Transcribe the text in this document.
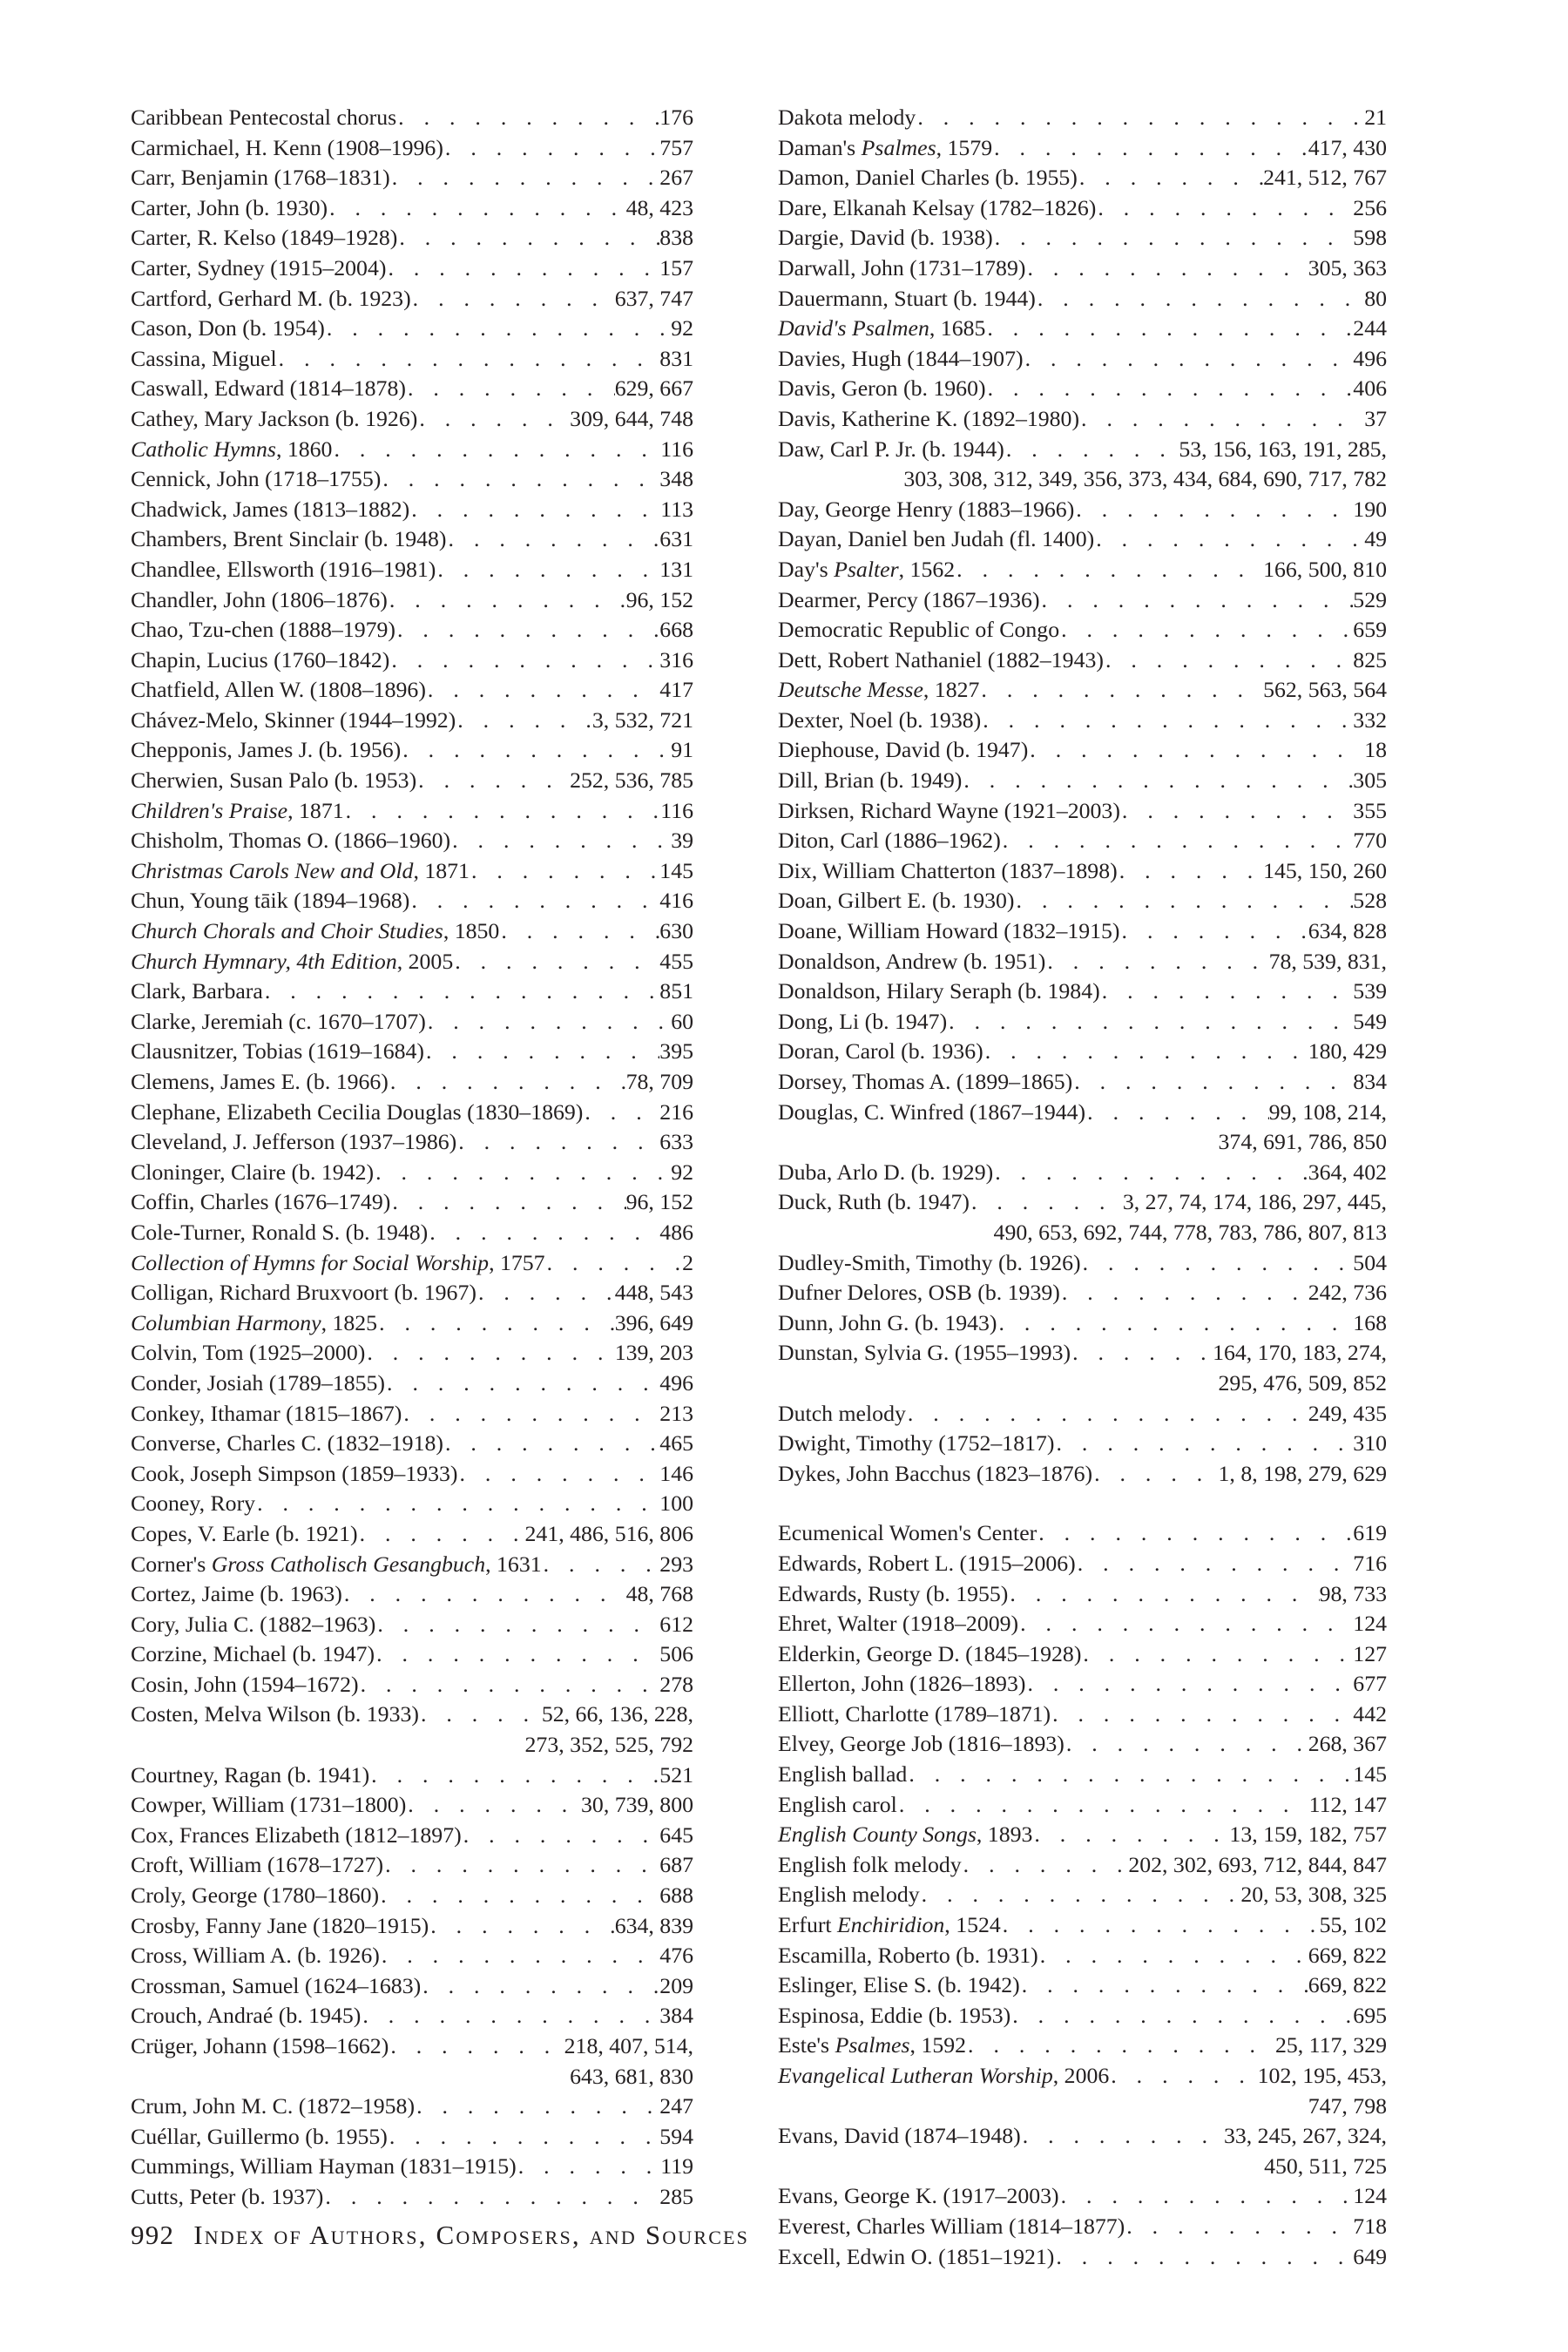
Caribbean Pentecostal chorus . . .	176
Carmichael, H. Kenn (1908–1996) . . .	757
Carr, Benjamin (1768–1831) . . .	267
Carter, John (b. 1930) . . .	48, 423
Carter, R. Kelso (1849–1928) . . .	838
Carter, Sydney (1915–2004) . . .	157
Cartford, Gerhard M. (b. 1923) . . .	637, 747
Cason, Don (b. 1954) . . .	92
Cassina, Miguel . . .	831
Caswall, Edward (1814–1878) . . .	629, 667
Cathey, Mary Jackson (b. 1926) . . .	309, 644, 748
Catholic Hymns, 1860 . . .	116
Cennick, John (1718–1755) . . .	348
Chadwick, James (1813–1882) . . .	113
Chambers, Brent Sinclair (b. 1948) . . .	631
Chandlee, Ellsworth (1916–1981) . . .	131
Chandler, John (1806–1876) . . .	96, 152
Chao, Tzu-chen (1888–1979) . . .	668
Chapin, Lucius (1760–1842) . . .	316
Chatfield, Allen W. (1808–1896) . . .	417
Chávez-Melo, Skinner (1944–1992) . . .	3, 532, 721
Chepponis, James J. (b. 1956) . . .	91
Cherwien, Susan Palo (b. 1953) . . .	252, 536, 785
Children's Praise, 1871 . . .	116
Chisholm, Thomas O. (1866–1960) . . .	39
Christmas Carols New and Old, 1871 . . .	145
Chun, Young tāik (1894–1968) . . .	416
Church Chorals and Choir Studies, 1850 . . .	630
Church Hymnary, 4th Edition, 2005 . . .	455
Clark, Barbara . . .	851
Clarke, Jeremiah (c. 1670–1707) . . .	60
Clausnitzer, Tobias (1619–1684) . . .	395
Clemens, James E. (b. 1966) . . .	78, 709
Clephane, Elizabeth Cecilia Douglas (1830–1869) . . .	216
Cleveland, J. Jefferson (1937–1986) . . .	633
Cloninger, Claire (b. 1942) . . .	92
Coffin, Charles (1676–1749) . . .	96, 152
Cole-Turner, Ronald S. (b. 1948) . . .	486
Collection of Hymns for Social Worship, 1757 . . .	2
Colligan, Richard Bruxvoort (b. 1967) . . .	448, 543
Columbian Harmony, 1825 . . .	396, 649
Colvin, Tom (1925–2000) . . .	139, 203
Conder, Josiah (1789–1855) . . .	496
Conkey, Ithamar (1815–1867) . . .	213
Converse, Charles C. (1832–1918) . . .	465
Cook, Joseph Simpson (1859–1933) . . .	146
Cooney, Rory . . .	100
Copes, V. Earle (b. 1921) . . .	241, 486, 516, 806
Corner's Gross Catholisch Gesangbuch, 1631 . . .	293
Cortez, Jaime (b. 1963) . . .	48, 768
Cory, Julia C. (1882–1963) . . .	612
Corzine, Michael (b. 1947) . . .	506
Cosin, John (1594–1672) . . .	278
Costen, Melva Wilson (b. 1933) . . .	52, 66, 136, 228,
273, 352, 525, 792
Courtney, Ragan (b. 1941) . . .	521
Cowper, William (1731–1800) . . .	30, 739, 800
Cox, Frances Elizabeth (1812–1897) . . .	645
Croft, William (1678–1727) . . .	687
Croly, George (1780–1860) . . .	688
Crosby, Fanny Jane (1820–1915) . . .	634, 839
Cross, William A. (b. 1926) . . .	476
Crossman, Samuel (1624–1683) . . .	209
Crouch, Andraé (b. 1945) . . .	384
Crüger, Johann (1598–1662) . . .	218, 407, 514,
643, 681, 830
Crum, John M. C. (1872–1958) . . .	247
Cuéllar, Guillermo (b. 1955) . . .	594
Cummings, William Hayman (1831–1915) . . .	119
Cutts, Peter (b. 1937) . . .	285
Dakota melody . . .	21
Daman's Psalmes, 1579 . . .	417, 430
Damon, Daniel Charles (b. 1955) . . .	241, 512, 767
Dare, Elkanah Kelsay (1782–1826) . . .	256
Dargie, David (b. 1938) . . .	598
Darwall, John (1731–1789) . . .	305, 363
Dauermann, Stuart (b. 1944) . . .	80
David's Psalmen, 1685 . . .	244
Davies, Hugh (1844–1907) . . .	496
Davis, Geron (b. 1960) . . .	406
Davis, Katherine K. (1892–1980) . . .	37
Daw, Carl P. Jr. (b. 1944) . . .	53, 156, 163, 191, 285,
303, 308, 312, 349, 356, 373, 434, 684, 690, 717, 782
Day, George Henry (1883–1966) . . .	190
Dayan, Daniel ben Judah (fl. 1400) . . .	49
Day's Psalter, 1562 . . .	166, 500, 810
Dearmer, Percy (1867–1936) . . .	529
Democratic Republic of Congo . . .	659
Dett, Robert Nathaniel (1882–1943) . . .	825
Deutsche Messe, 1827 . . .	562, 563, 564
Dexter, Noel (b. 1938) . . .	332
Diephouse, David (b. 1947) . . .	18
Dill, Brian (b. 1949) . . .	305
Dirksen, Richard Wayne (1921–2003) . . .	355
Diton, Carl (1886–1962) . . .	770
Dix, William Chatterton (1837–1898) . . .	145, 150, 260
Doan, Gilbert E. (b. 1930) . . .	528
Doane, William Howard (1832–1915) . . .	634, 828
Donaldson, Andrew (b. 1951) . . .	78, 539, 831,
Donaldson, Hilary Seraph (b. 1984) . . .	539
Dong, Li (b. 1947) . . .	549
Doran, Carol (b. 1936) . . .	180, 429
Dorsey, Thomas A. (1899–1865) . . .	834
Douglas, C. Winfred (1867–1944) . . .	99, 108, 214,
374, 691, 786, 850
Duba, Arlo D. (b. 1929) . . .	364, 402
Duck, Ruth (b. 1947) . . .	3, 27, 74, 174, 186, 297, 445,
490, 653, 692, 744, 778, 783, 786, 807, 813
Dudley-Smith, Timothy (b. 1926) . . .	504
Dufner Delores, OSB (b. 1939) . . .	242, 736
Dunn, John G. (b. 1943) . . .	168
Dunstan, Sylvia G. (1955–1993) . . .	164, 170, 183, 274,
295, 476, 509, 852
Dutch melody . . .	249, 435
Dwight, Timothy (1752–1817) . . .	310
Dykes, John Bacchus (1823–1876) . . .	1, 8, 198, 279, 629
Ecumenical Women's Center . . .	619
Edwards, Robert L. (1915–2006) . . .	716
Edwards, Rusty (b. 1955) . . .	98, 733
Ehret, Walter (1918–2009) . . .	124
Elderkin, George D. (1845–1928) . . .	127
Ellerton, John (1826–1893) . . .	677
Elliott, Charlotte (1789–1871) . . .	442
Elvey, George Job (1816–1893) . . .	268, 367
English ballad . . .	145
English carol . . .	112, 147
English County Songs, 1893 . . .	13, 159, 182, 757
English folk melody . . .	202, 302, 693, 712, 844, 847
English melody . . .	20, 53, 308, 325
Erfurt Enchiridion, 1524 . . .	55, 102
Escamilla, Roberto (b. 1931) . . .	669, 822
Eslinger, Elise S. (b. 1942) . . .	669, 822
Espinosa, Eddie (b. 1953) . . .	695
Este's Psalmes, 1592 . . .	25, 117, 329
Evangelical Lutheran Worship, 2006 . . .	102, 195, 453,
747, 798
Evans, David (1874–1948) . . .	33, 245, 267, 324,
450, 511, 725
Evans, George K. (1917–2003) . . .	124
Everest, Charles William (1814–1877) . . .	718
Excell, Edwin O. (1851–1921) . . .	649
992 Index of Authors, Composers, and Sources
